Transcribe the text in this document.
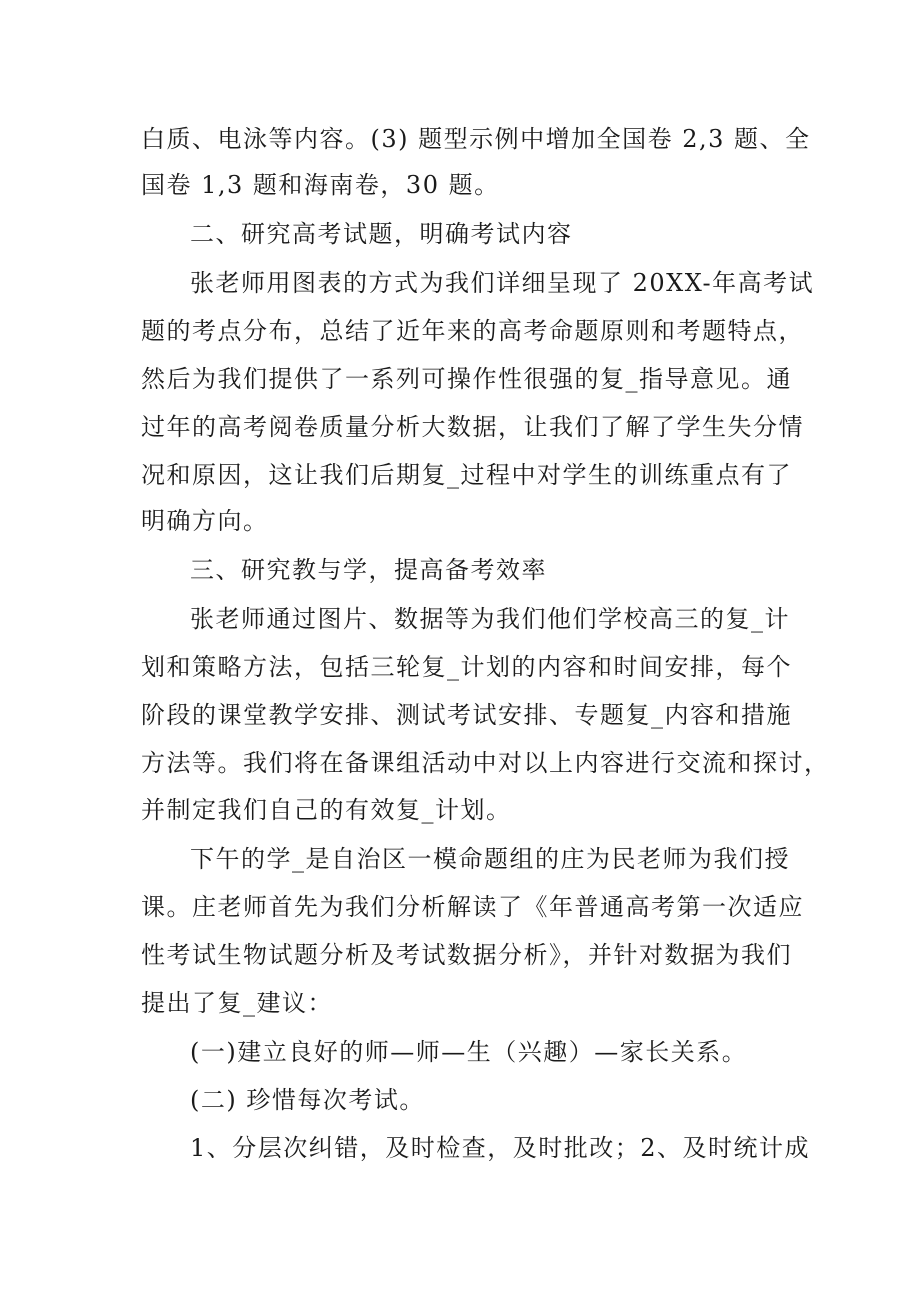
白质、电泳等内容。(3) 题型示例中增加全国卷 2,3 题、全
国卷 1,3 题和海南卷，30 题。
二、研究高考试题，明确考试内容
张老师用图表的方式为我们详细呈现了 20XX-年高考试
题的考点分布，总结了近年来的高考命题原则和考题特点，
然后为我们提供了一系列可操作性很强的复_指导意见。通
过年的高考阅卷质量分析大数据，让我们了解了学生失分情
况和原因，这让我们后期复_过程中对学生的训练重点有了
明确方向。
三、研究教与学，提高备考效率
张老师通过图片、数据等为我们他们学校高三的复_计
划和策略方法，包括三轮复_计划的内容和时间安排，每个
阶段的课堂教学安排、测试考试安排、专题复_内容和措施
方法等。我们将在备课组活动中对以上内容进行交流和探讨，
并制定我们自己的有效复_计划。
下午的学_是自治区一模命题组的庄为民老师为我们授
课。庄老师首先为我们分析解读了《年普通高考第一次适应
性考试生物试题分析及考试数据分析》，并针对数据为我们
提出了复_建议：
(一)建立良好的师—师—生（兴趣）—家长关系。
(二) 珍惜每次考试。
1、分层次纠错，及时检查，及时批改；2、及时统计成
